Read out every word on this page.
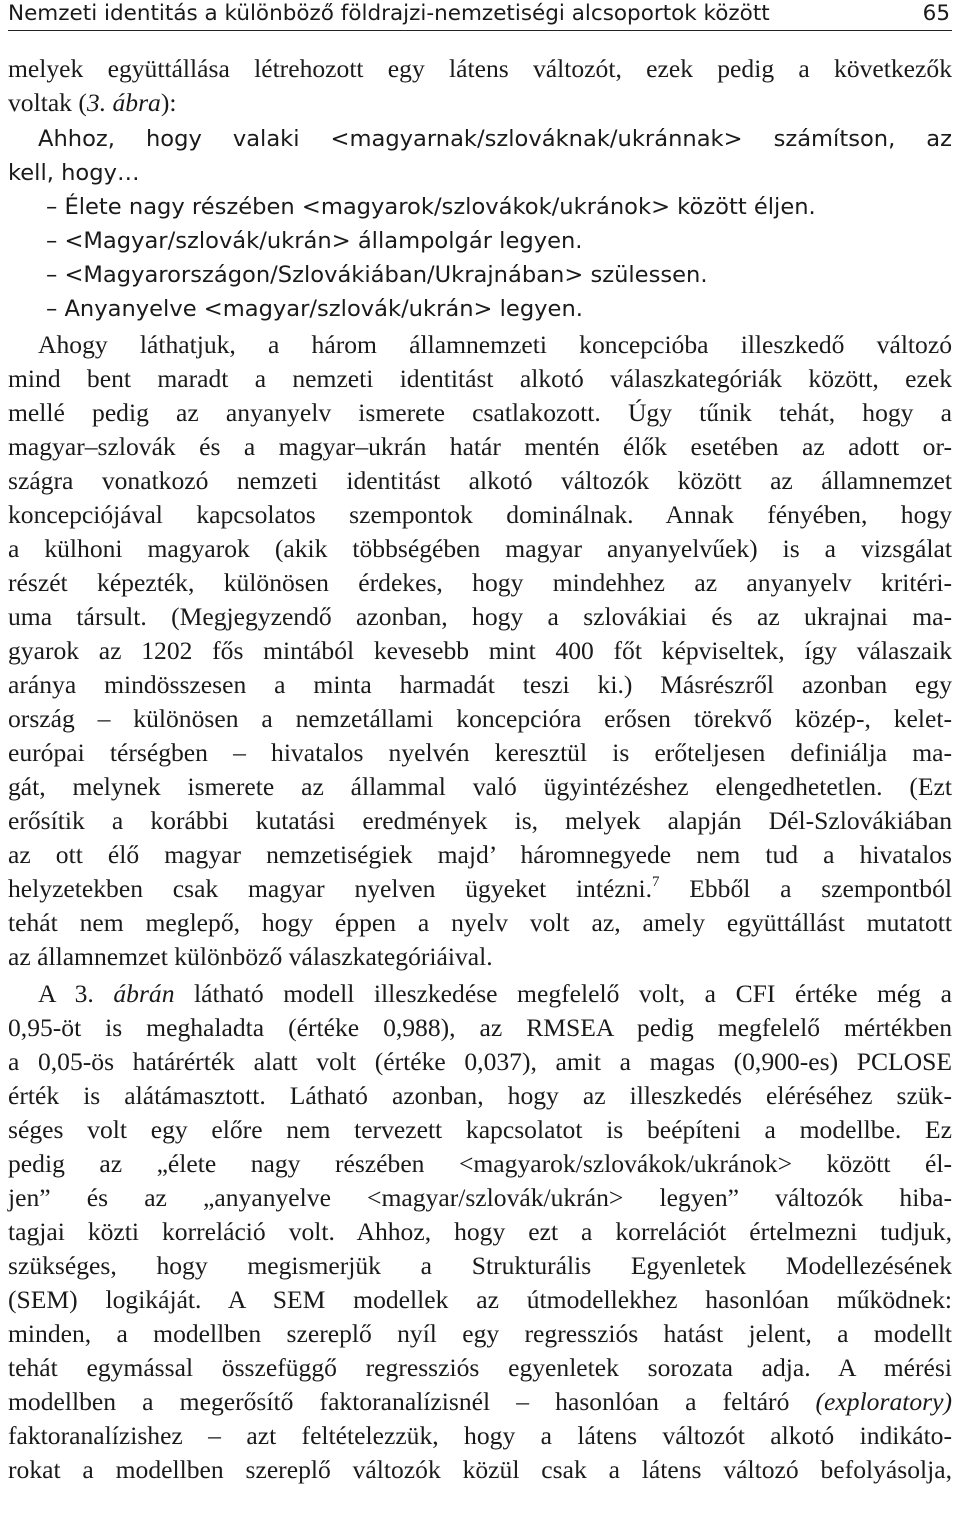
Nemzeti identitás a különböző földrajzi-nemzetiségi alcsoportok között	65
melyek együttállása létrehozott egy látens változót, ezek pedig a következők
voltak (3. ábra):
Ahhoz, hogy valaki <magyarnak/szlováknak/ukránnak> számítson, az
kell, hogy…
– Élete nagy részében <magyarok/szlovákok/ukránok> között éljen.
– <Magyar/szlovák/ukrán> állampolgár legyen.
– <Magyarországon/Szlovákiában/Ukrajnában> szülessen.
– Anyanyelve <magyar/szlovák/ukrán> legyen.
Ahogy láthatjuk, a három államnemzeti koncepcióba illeszkedő változó
mind bent maradt a nemzeti identitást alkotó válaszkategóriák között, ezek
mellé pedig az anyanyelv ismerete csatlakozott. Úgy tűnik tehát, hogy a
magyar–szlovák és a magyar–ukrán határ mentén élők esetében az adott or-
szágra vonatkozó nemzeti identitást alkotó változók között az államnemzet
koncepciójával kapcsolatos szempontok dominálnak. Annak fényében, hogy
a külhoni magyarok (akik többségében magyar anyanyelvűek) is a vizsgálat
részét képezték, különösen érdekes, hogy mindehhez az anyanyelv kritéri-
uma társult. (Megjegyzendő azonban, hogy a szlovákiai és az ukrajnai ma-
gyarok az 1202 fős mintából kevesebb mint 400 főt képviseltek, így válaszaik
aránya mindösszesen a minta harmadát teszi ki.) Másrészről azonban egy
ország – különösen a nemzetállami koncepcióra erősen törekvő közép-, kelet-
európai térségben – hivatalos nyelvén keresztül is erőteljesen definiálja ma-
gát, melynek ismerete az állammal való ügyintézéshez elengedhetetlen. (Ezt
erősítik a korábbi kutatási eredmények is, melyek alapján Dél-Szlovákiában
az ott élő magyar nemzetiségiek majd’ háromnegyede nem tud a hivatalos
helyzetekben csak magyar nyelven ügyeket intézni.$^7$ Ebből a szempontból
tehát nem meglepő, hogy éppen a nyelv volt az, amely együttállást mutatott
az államnemzet különböző válaszkategóriáival.
A 3. ábrán látható modell illeszkedése megfelelő volt, a CFI értéke még a
0,95-öt is meghaladta (értéke 0,988), az RMSEA pedig megfelelő mértékben
a 0,05-ös határérték alatt volt (értéke 0,037), amit a magas (0,900-es) PCLOSE
érték is alátámasztott. Látható azonban, hogy az illeszkedés eléréséhez szük-
séges volt egy előre nem tervezett kapcsolatot is beépíteni a modellbe. Ez
pedig az „élete nagy részében <magyarok/szlovákok/ukránok> között él-
jen” és az „anyanyelve <magyar/szlovák/ukrán> legyen” változók hiba-
tagjai közti korreláció volt. Ahhoz, hogy ezt a korrelációt értelmezni tudjuk,
szükséges, hogy megismerjük a Strukturális Egyenletek Modellezésének
(SEM) logikáját. A SEM modellek az útmodellekhez hasonlóan működnek:
minden, a modellben szereplő nyíl egy regressziós hatást jelent, a modellt
tehát egymással összefüggő regressziós egyenletek sorozata adja. A mérési
modellben a megerősítő faktoranalízisnél – hasonlóan a feltáró (exploratory)
faktoranalízishez – azt feltételezzük, hogy a látens változót alkotó indikáto-
rokat a modellben szereplő változók közül csak a látens változó befolyásolja,
